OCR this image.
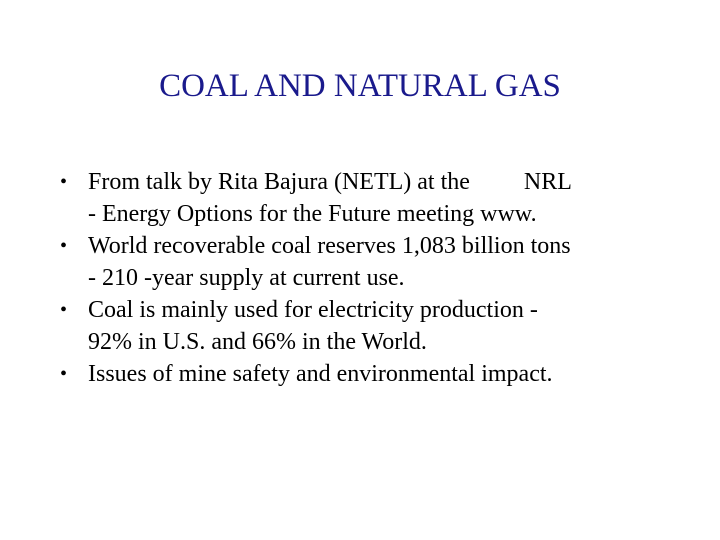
COAL AND NATURAL GAS
• From talk by Rita Bajura (NETL) at the NRL
- Energy Options for the Future meeting www.
• World recoverable coal reserves 1,083 billion tons
- 210 -year supply at current use.
• Coal is mainly used for electricity production -
92% in U.S. and 66% in the World.
• Issues of mine safety and environmental impact.
